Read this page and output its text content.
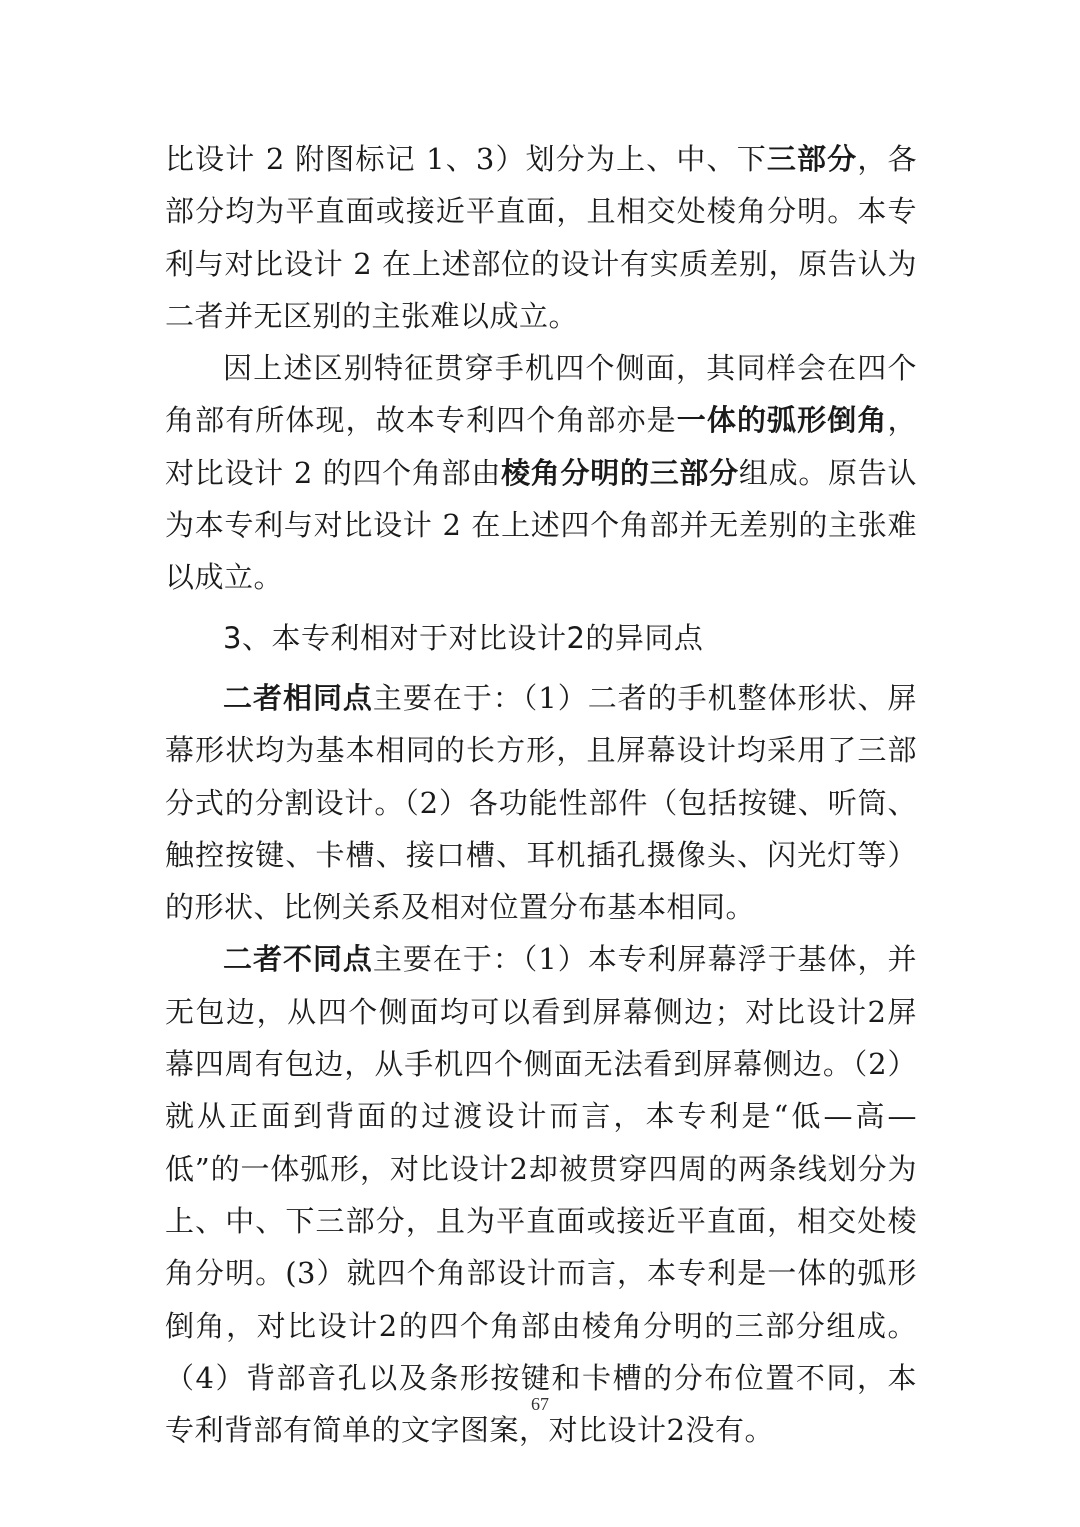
比设计 2 附图标记 1、3）划分为上、中、下三部分，各部分均为平直面或接近平直面，且相交处棱角分明。本专利与对比设计 2 在上述部位的设计有实质差别，原告认为二者并无区别的主张难以成立。

因上述区别特征贯穿手机四个侧面，其同样会在四个角部有所体现，故本专利四个角部亦是一体的弧形倒角，对比设计 2 的四个角部由棱角分明的三部分组成。原告认为本专利与对比设计 2 在上述四个角部并无差别的主张难以成立。

3、本专利相对于对比设计2的异同点

二者相同点主要在于：（1）二者的手机整体形状、屏幕形状均为基本相同的长方形，且屏幕设计均采用了三部分式的分割设计。（2）各功能性部件（包括按键、听筒、触控按键、卡槽、接口槽、耳机插孔摄像头、闪光灯等）的形状、比例关系及相对位置分布基本相同。

二者不同点主要在于：（1）本专利屏幕浮于基体，并无包边，从四个侧面均可以看到屏幕侧边；对比设计2屏幕四周有包边，从手机四个侧面无法看到屏幕侧边。（2）就从正面到背面的过渡设计而言，本专利是“低—高—低”的一体弧形，对比设计2却被贯穿四周的两条线划分为上、中、下三部分，且为平直面或接近平直面，相交处棱角分明。(3）就四个角部设计而言，本专利是一体的弧形倒角，对比设计2的四个角部由棱角分明的三部分组成。（4）背部音孔以及条形按键和卡槽的分布位置不同，本专利背部有简单的文字图案，对比设计2没有。

67
